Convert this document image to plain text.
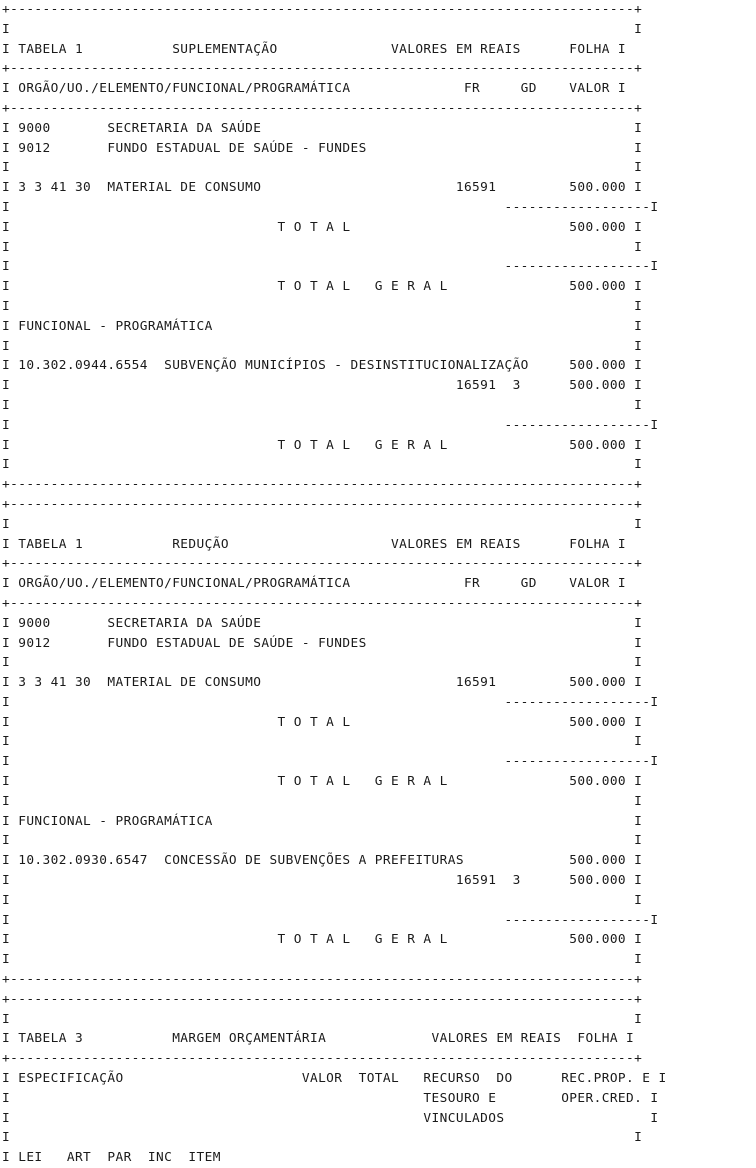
+-----------------------------------------------------------------------------+
I                                                                             I
I TABELA 1           SUPLEMENTAÇÃO              VALORES EM REAIS      FOLHA I
+-----------------------------------------------------------------------------+
I ORGÃO/UO./ELEMENTO/FUNCIONAL/PROGRAMÁTICA              FR     GD    VALOR I
+-----------------------------------------------------------------------------+
I 9000       SECRETARIA DA SAÚDE                                              I
I 9012       FUNDO ESTADUAL DE SAÚDE - FUNDES                                 I
I                                                                             I
I 3 3 41 30  MATERIAL DE CONSUMO                        16591         500.000 I
I                                                             ------------------I
I                                 T O T A L                           500.000 I
I                                                                             I
I                                                             ------------------I
I                                 T O T A L   G E R A L               500.000 I
I                                                                             I
I FUNCIONAL - PROGRAMÁTICA                                                    I
I                                                                             I
I 10.302.0944.6554  SUBVENÇÃO MUNICÍPIOS - DESINSTITUCIONALIZAÇÃO     500.000 I
I                                                       16591  3      500.000 I
I                                                                             I
I                                                             ------------------I
I                                 T O T A L   G E R A L               500.000 I
I                                                                             I
+-----------------------------------------------------------------------------+
+-----------------------------------------------------------------------------+
I                                                                             I
I TABELA 1           REDUÇÃO                    VALORES EM REAIS      FOLHA I
+-----------------------------------------------------------------------------+
I ORGÃO/UO./ELEMENTO/FUNCIONAL/PROGRAMÁTICA              FR     GD    VALOR I
+-----------------------------------------------------------------------------+
I 9000       SECRETARIA DA SAÚDE                                              I
I 9012       FUNDO ESTADUAL DE SAÚDE - FUNDES                                 I
I                                                                             I
I 3 3 41 30  MATERIAL DE CONSUMO                        16591         500.000 I
I                                                             ------------------I
I                                 T O T A L                           500.000 I
I                                                                             I
I                                                             ------------------I
I                                 T O T A L   G E R A L               500.000 I
I                                                                             I
I FUNCIONAL - PROGRAMÁTICA                                                    I
I                                                                             I
I 10.302.0930.6547  CONCESSÃO DE SUBVENÇÕES A PREFEITURAS             500.000 I
I                                                       16591  3      500.000 I
I                                                                             I
I                                                             ------------------I
I                                 T O T A L   G E R A L               500.000 I
I                                                                             I
+-----------------------------------------------------------------------------+
+-----------------------------------------------------------------------------+
I                                                                             I
I TABELA 3           MARGEM ORÇAMENTÁRIA             VALORES EM REAIS  FOLHA I
+-----------------------------------------------------------------------------+
I ESPECIFICAÇÃO                      VALOR  TOTAL   RECURSO  DO      REC.PROP. E I
I                                                   TESOURO E        OPER.CRED. I
I                                                   VINCULADOS                  I
I                                                                             I
I LEI   ART  PAR  INC  ITEM
